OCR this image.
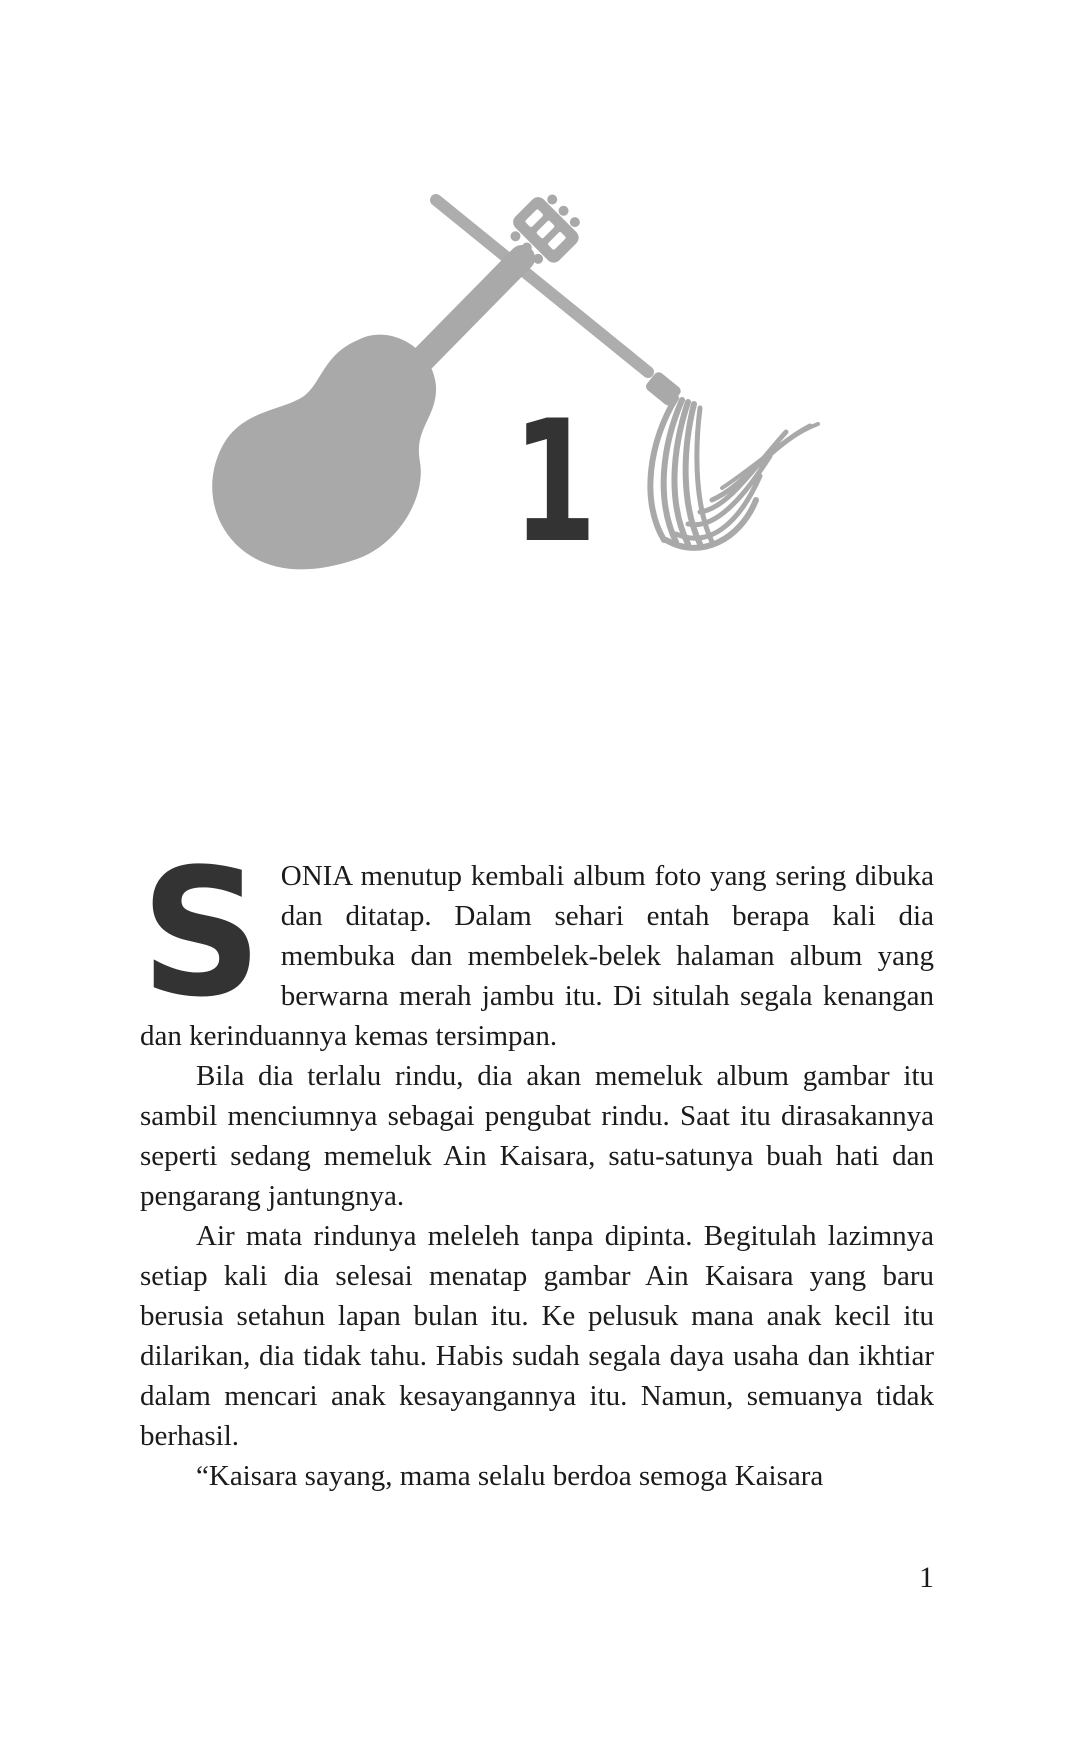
1

SONIA menutup kembali album foto yang sering dibuka dan ditatap. Dalam sehari entah berapa kali dia membuka dan membelek-belek halaman album yang berwarna merah jambu itu. Di situlah segala kenangan dan kerinduannya kemas tersimpan.

Bila dia terlalu rindu, dia akan memeluk album gambar itu sambil menciumnya sebagai pengubat rindu. Saat itu dirasakannya seperti sedang memeluk Ain Kaisara, satu-satunya buah hati dan pengarang jantungnya.

Air mata rindunya meleleh tanpa dipinta. Begitulah lazimnya setiap kali dia selesai menatap gambar Ain Kaisara yang baru berusia setahun lapan bulan itu. Ke pelusuk mana anak kecil itu dilarikan, dia tidak tahu. Habis sudah segala daya usaha dan ikhtiar dalam mencari anak kesayangannya itu. Namun, semuanya tidak berhasil.

“Kaisara sayang, mama selalu berdoa semoga Kaisara

1
